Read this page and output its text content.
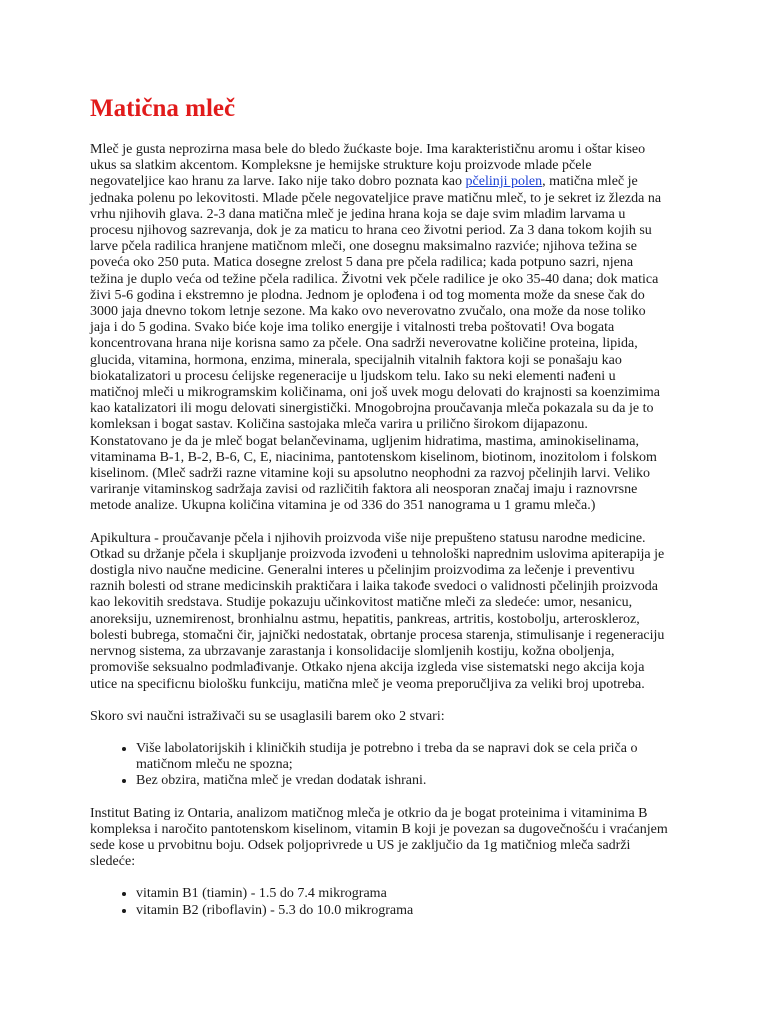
Matična mleč

Mleč je gusta neprozirna masa bele do bledo žućkaste boje. Ima karakterističnu aromu i oštar kiseo ukus sa slatkim akcentom. Kompleksne je hemijske strukture koju proizvode mlade pčele negovateljice kao hranu za larve. Iako nije tako dobro poznata kao pčelinji polen, matična mleč je jednaka polenu po lekovitosti. Mlade pčele negovateljice prave matičnu mleč, to je sekret iz žlezda na vrhu njihovih glava. 2-3 dana matična mleč je jedina hrana koja se daje svim mladim larvama u procesu njihovog sazrevanja, dok je za maticu to hrana ceo životni period. Za 3 dana tokom kojih su larve pčela radilica hranjene matičnom mleči, one dosegnu maksimalno razviće; njihova težina se poveća oko 250 puta. Matica dosegne zrelost 5 dana pre pčela radilica; kada potpuno sazri, njena težina je duplo veća od težine pčela radilica. Životni vek pčele radilice je oko 35-40 dana; dok matica živi 5-6 godina i ekstremno je plodna. Jednom je oplođena i od tog momenta može da snese čak do 3000 jaja dnevno tokom letnje sezone. Ma kako ovo neverovatno zvučalo, ona može da nose toliko jaja i do 5 godina. Svako biće koje ima toliko energije i vitalnosti treba poštovati! Ova bogata koncentrovana hrana nije korisna samo za pčele. Ona sadrži neverovatne količine proteina, lipida, glucida, vitamina, hormona, enzima, minerala, specijalnih vitalnih faktora koji se ponašaju kao biokatalizatori u procesu ćelijske regeneracije u ljudskom telu. Iako su neki elementi nađeni u matičnoj mleči u mikrogramskim količinama, oni još uvek mogu delovati do krajnosti sa koenzimima kao katalizatori ili mogu delovati sinergistički. Mnogobrojna proučavanja mleča pokazala su da je to komleksan i bogat sastav. Količina sastojaka mleča varira u prilično širokom dijapazonu. Konstatovano je da je mleč bogat belančevinama, ugljenim hidratima, mastima, aminokiselinama, vitaminama B-1, B-2, B-6, C, E, niacinima, pantotenskom kiselinom, biotinom, inozitolom i folskom kiselinom. (Mleč sadrži razne vitamine koji su apsolutno neophodni za razvoj pčelinjih larvi. Veliko variranje vitaminskog sadržaja zavisi od različitih faktora ali neosporan značaj imaju i raznovrsne metode analize. Ukupna količina vitamina je od 336 do 351 nanograma u 1 gramu mleča.)

Apikultura - proučavanje pčela i njihovih proizvoda više nije prepušteno statusu narodne medicine. Otkad su držanje pčela i skupljanje proizvoda izvođeni u tehnološki naprednim uslovima apiterapija je dostigla nivo naučne medicine. Generalni interes u pčelinjim proizvodima za lečenje i preventivu raznih bolesti od strane medicinskih praktičara i laika takođe svedoci o validnosti pčelinjih proizvoda kao lekovitih sredstava. Studije pokazuju učinkovitost matične mleči za sledeće: umor, nesanicu, anoreksiju, uznemirenost, bronhialnu astmu, hepatitis, pankreas, artritis, kostobolju, arteroskleroz, bolesti bubrega, stomačni čir, jajnički nedostatak, obrtanje procesa starenja, stimulisanje i regeneraciju nervnog sistema, za ubrzavanje zarastanja i konsolidacije slomljenih kostiju, kožna oboljenja, promoviše seksualno podmlađivanje. Otkako njena akcija izgleda vise sistematski nego akcija koja utice na specificnu biološku funkciju, matična mleč je veoma preporučljiva za veliki broj upotreba.

Skoro svi naučni istraživači su se usaglasili barem oko 2 stvari:

• Više labolatorijskih i kliničkih studija je potrebno i treba da se napravi dok se cela priča o matičnom mleču ne spozna;
• Bez obzira, matična mleč je vredan dodatak ishrani.

Institut Bating iz Ontaria, analizom matičnog mleča je otkrio da je bogat proteinima i vitaminima B kompleksa i naročito pantotenskom kiselinom, vitamin B koji je povezan sa dugovečnošću i vraćanjem sede kose u prvobitnu boju. Odsek poljoprivrede u US je zaključio da 1g matičniog mleča sadrži sledeće:

• vitamin B1 (tiamin) - 1.5 do 7.4 mikrograma
• vitamin B2 (riboflavin) - 5.3 do 10.0 mikrograma
